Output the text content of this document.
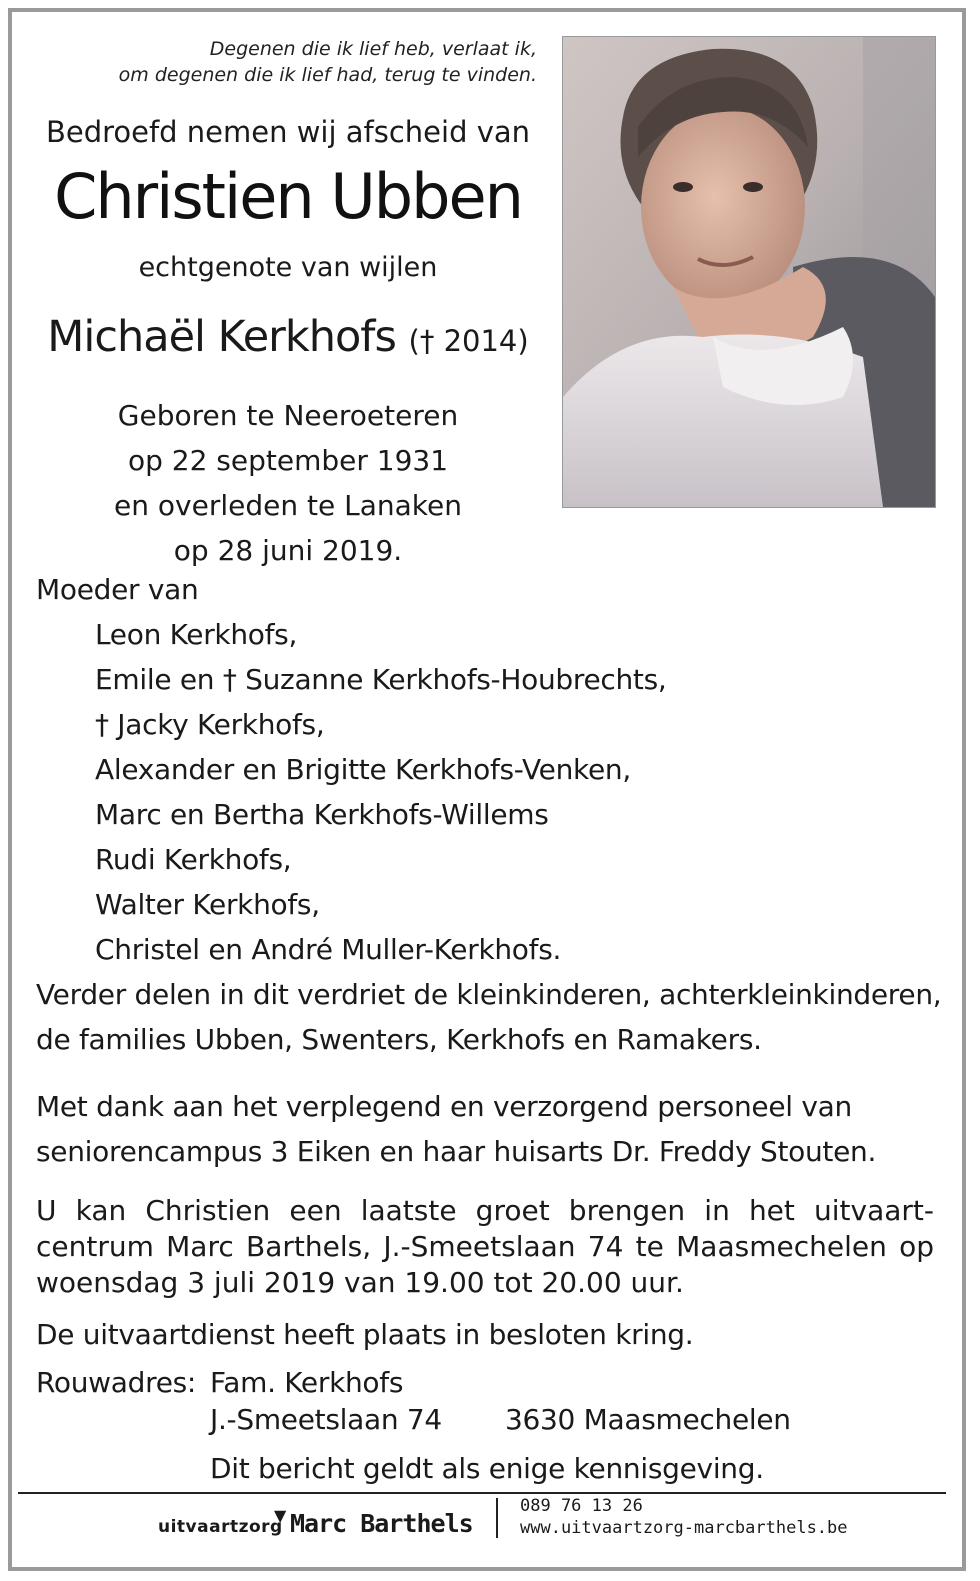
Degenen die ik lief heb, verlaat ik,
om degenen die ik lief had, terug te vinden.
Bedroefd nemen wij afscheid van
Christien Ubben
echtgenote van wijlen
Michaël Kerkhofs († 2014)
Geboren te Neeroeteren
op 22 september 1931
en overleden te Lanaken
op 28 juni 2019.
Moeder van
Leon Kerkhofs,
Emile en † Suzanne Kerkhofs-Houbrechts,
† Jacky Kerkhofs,
Alexander en Brigitte Kerkhofs-Venken,
Marc en Bertha Kerkhofs-Willems
Rudi Kerkhofs,
Walter Kerkhofs,
Christel en André Muller-Kerkhofs.
Verder delen in dit verdriet de kleinkinderen, achterkleinkinderen,
de families Ubben, Swenters, Kerkhofs en Ramakers.
Met dank aan het verplegend en verzorgend personeel van
seniorencampus 3 Eiken en haar huisarts Dr. Freddy Stouten.
U kan Christien een laatste groet brengen in het uitvaart-centrum Marc Barthels, J.-Smeetslaan 74 te Maasmechelen op woensdag 3 juli 2019 van 19.00 tot 20.00 uur.
De uitvaartdienst heeft plaats in besloten kring.
Rouwadres: Fam. Kerkhofs
J.-Smeetslaan 74 3630 Maasmechelen
Dit bericht geldt als enige kennisgeving.
uitvaartzorg
▼ Marc Barthels
089 76 13 26
www.uitvaartzorg-marcbarthels.be
